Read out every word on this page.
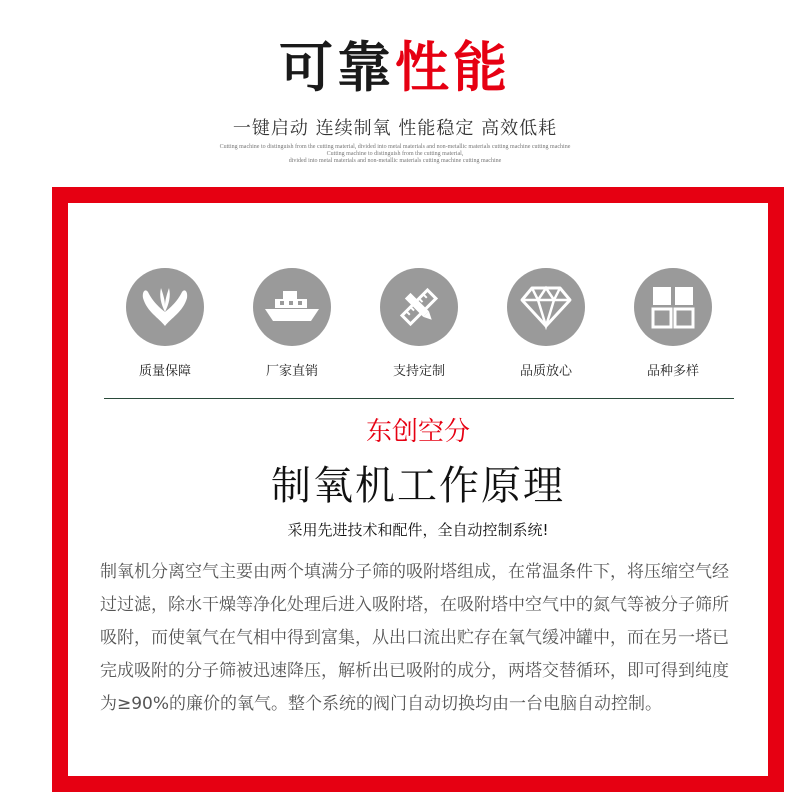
可靠性能
一键启动 连续制氧 性能稳定 高效低耗
Cutting machine to distinguish from the cutting material, divided into metal materials and non-metallic materials cutting machine cutting machine
Cutting machine to distinguish from the cutting material,
divided into metal materials and non-metallic materials cutting machine cutting machine
质量保障	厂家直销	支持定制	品质放心	品种多样
东创空分
制氧机工作原理
采用先进技术和配件，全自动控制系统!
制氧机分离空气主要由两个填满分子筛的吸附塔组成，在常温条件下，将压缩空气经过过滤，除水干燥等净化处理后进入吸附塔，在吸附塔中空气中的氮气等被分子筛所吸附，而使氧气在气相中得到富集，从出口流出贮存在氧气缓冲罐中，而在另一塔已完成吸附的分子筛被迅速降压，解析出已吸附的成分，两塔交替循环，即可得到纯度为≥90%的廉价的氧气。整个系统的阀门自动切换均由一台电脑自动控制。
